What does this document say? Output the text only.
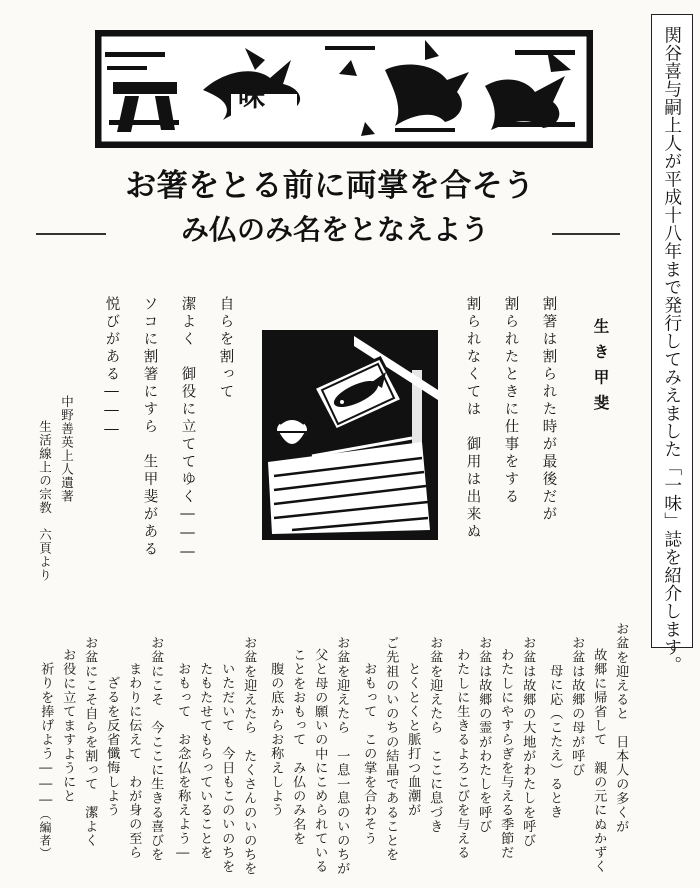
関谷喜与嗣上人が平成十八年まで発行してみえました「一味」誌を紹介します。
味
お箸をとる前に両掌を合そう
み仏のみ名をとなえよう
生き甲斐
割箸は割られた時が最後だが
割られたときに仕事をする
割られなくては　御用は出来ぬ
自らを割って
潔よく　御役に立ててゆく―――
ソコに割箸にすら　生甲斐がある
悦びがある―――
中野善英上人遺著
生活線上の宗教　六頁より
お盆を迎えると　日本人の多くが
故郷に帰省して　親の元にぬかずく
お盆は故郷の母が呼び
母に応（こたえ）るとき
お盆は故郷の大地がわたしを呼び
わたしにやすらぎを与える季節だ
お盆は故郷の霊がわたしを呼び
わたしに生きるよろこびを与える
お盆を迎えたら　ここに息づき
とくとくと脈打つ血潮が
ご先祖のいのちの結晶であることを
おもって　この掌を合わそう
お盆を迎えたら　一息一息のいのちが
父と母の願いの中にこめられている
ことをおもって　み仏のみ名を
腹の底からお称えしよう
お盆を迎えたら　たくさんのいのちを
いただいて　今日もこのいのちを
たもたせてもらっていることを
おもって　お念仏を称えよう―
お盆にこそ　今ここに生きる喜びを
まわりに伝えて　わが身の至ら
ざるを反省懺悔しよう
お盆にこそ自らを割って　潔よく
お役に立てますようにと
祈りを捧げよう―――
（編者）
